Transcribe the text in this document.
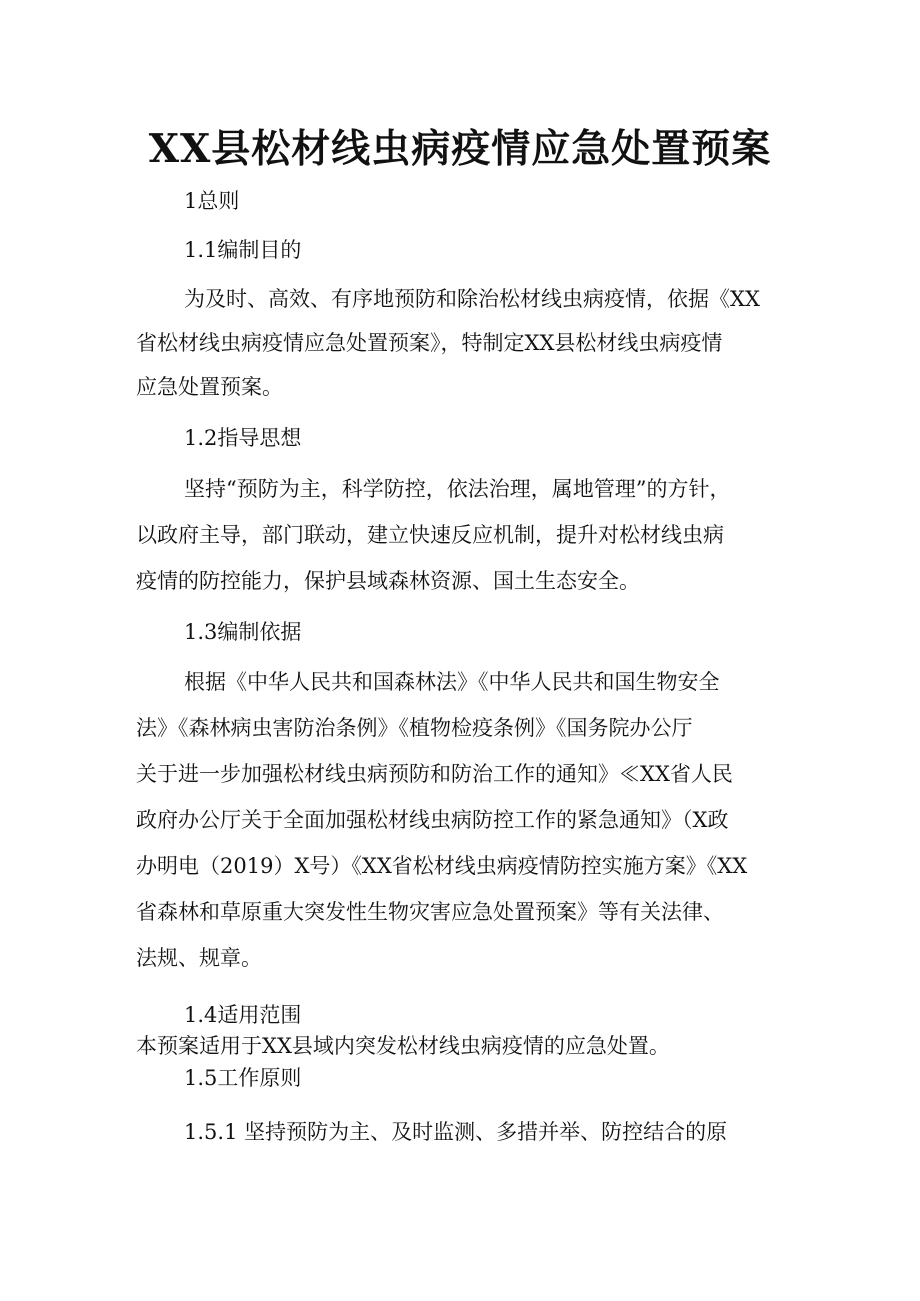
XX县松材线虫病疫情应急处置预案
1总则
1.1编制目的
为及时、高效、有序地预防和除治松材线虫病疫情，依据《XX
省松材线虫病疫情应急处置预案》，特制定XX县松材线虫病疫情
应急处置预案。
1.2指导思想
坚持“预防为主，科学防控，依法治理，属地管理”的方针，
以政府主导，部门联动，建立快速反应机制，提升对松材线虫病
疫情的防控能力，保护县域森林资源、国土生态安全。
1.3编制依据
根据《中华人民共和国森林法》《中华人民共和国生物安全
法》《森林病虫害防治条例》《植物检疫条例》《国务院办公厅
关于进一步加强松材线虫病预防和防治工作的通知》≪XX省人民
政府办公厅关于全面加强松材线虫病防控工作的紧急通知》（X政
办明电（2019）X号）《XX省松材线虫病疫情防控实施方案》《XX
省森林和草原重大突发性生物灾害应急处置预案》等有关法律、
法规、规章。
1.4适用范围
本预案适用于XX县域内突发松材线虫病疫情的应急处置。
1.5工作原则
1.5.1 坚持预防为主、及时监测、多措并举、防控结合的原
